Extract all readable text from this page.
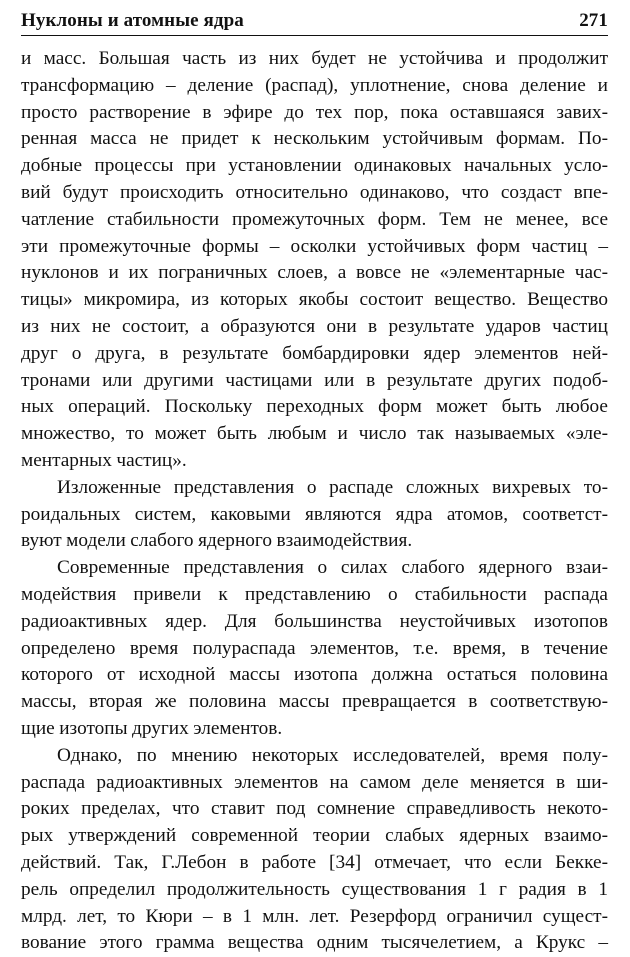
Нуклоны и атомные ядра	271
и масс. Большая часть из них будет не устойчива и продолжит
трансформацию – деление (распад), уплотнение, снова деление и
просто растворение в эфире до тех пор, пока оставшаяся завих-
ренная масса не придет к нескольким устойчивым формам. По-
добные процессы при установлении одинаковых начальных усло-
вий будут происходить относительно одинаково, что создаст впе-
чатление стабильности промежуточных форм. Тем не менее, все
эти промежуточные формы – осколки устойчивых форм частиц –
нуклонов и их пограничных слоев, а вовсе не «элементарные час-
тицы» микромира, из которых якобы состоит вещество. Вещество
из них не состоит, а образуются они в результате ударов частиц
друг о друга, в результате бомбардировки ядер элементов ней-
тронами или другими частицами или в результате других подоб-
ных операций. Поскольку переходных форм может быть любое
множество, то может быть любым и число так называемых «эле-
ментарных частиц».
Изложенные представления о распаде сложных вихревых то-
роидальных систем, каковыми являются ядра атомов, соответст-
вуют модели слабого ядерного взаимодействия.
Современные представления о силах слабого ядерного взаи-
модействия привели к представлению о стабильности распада
радиоактивных ядер. Для большинства неустойчивых изотопов
определено время полураспада элементов, т.е. время, в течение
которого от исходной массы изотопа должна остаться половина
массы, вторая же половина массы превращается в соответствую-
щие изотопы других элементов.
Однако, по мнению некоторых исследователей, время полу-
распада радиоактивных элементов на самом деле меняется в ши-
роких пределах, что ставит под сомнение справедливость некото-
рых утверждений современной теории слабых ядерных взаимо-
действий. Так, Г.Лебон в работе [34] отмечает, что если Бекке-
рель определил продолжительность существования 1 г радия в 1
млрд. лет, то Кюри – в 1 млн. лет. Резерфорд ограничил сущест-
вование этого грамма вещества одним тысячелетием, а Крукс –
